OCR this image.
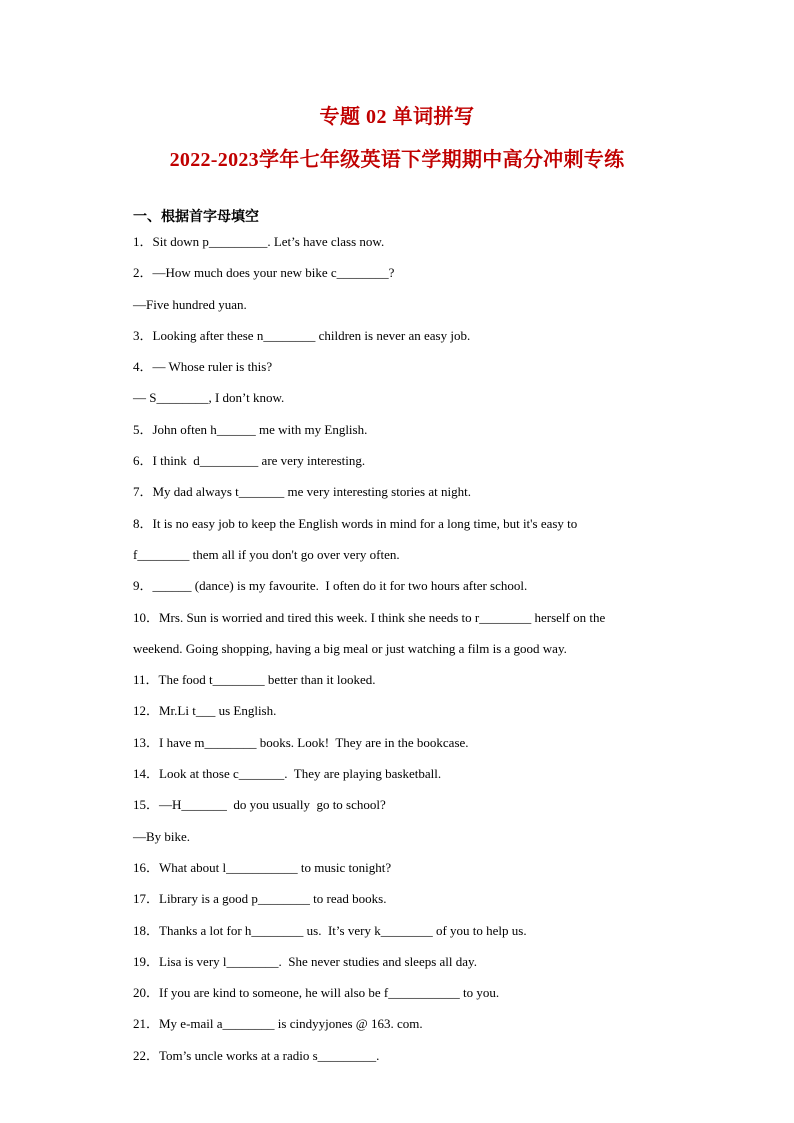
专题 02 单词拼写
2022-2023学年七年级英语下学期期中高分冲刺专练
一、根据首字母填空
1．Sit down p_________. Let’s have class now.
2．—How much does your new bike c________?
—Five hundred yuan.
3．Looking after these n________ children is never an easy job.
4．— Whose ruler is this?
— S________, I don’t know.
5．John often h______ me with my English.
6．I think  d_________ are very interesting.
7．My dad always t_______ me very interesting stories at night.
8．It is no easy job to keep the English words in mind for a long time, but it's easy to
f________ them all if you don't go over very often.
9．______ (dance) is my favourite.  I often do it for two hours after school.
10．Mrs. Sun is worried and tired this week. I think she needs to r________ herself on the
weekend. Going shopping, having a big meal or just watching a film is a good way.
11．The food t________ better than it looked.
12．Mr.Li t___ us English.
13．I have m________ books. Look!  They are in the bookcase.
14．Look at those c_______.  They are playing basketball.
15．—H_______  do you usually  go to school?
—By bike.
16．What about l___________ to music tonight?
17．Library is a good p________ to read books.
18．Thanks a lot for h________ us.  It’s very k________ of you to help us.
19．Lisa is very l________.  She never studies and sleeps all day.
20．If you are kind to someone, he will also be f___________ to you.
21．My e-mail a________ is cindyyjones @ 163. com.
22．Tom’s uncle works at a radio s_________.
